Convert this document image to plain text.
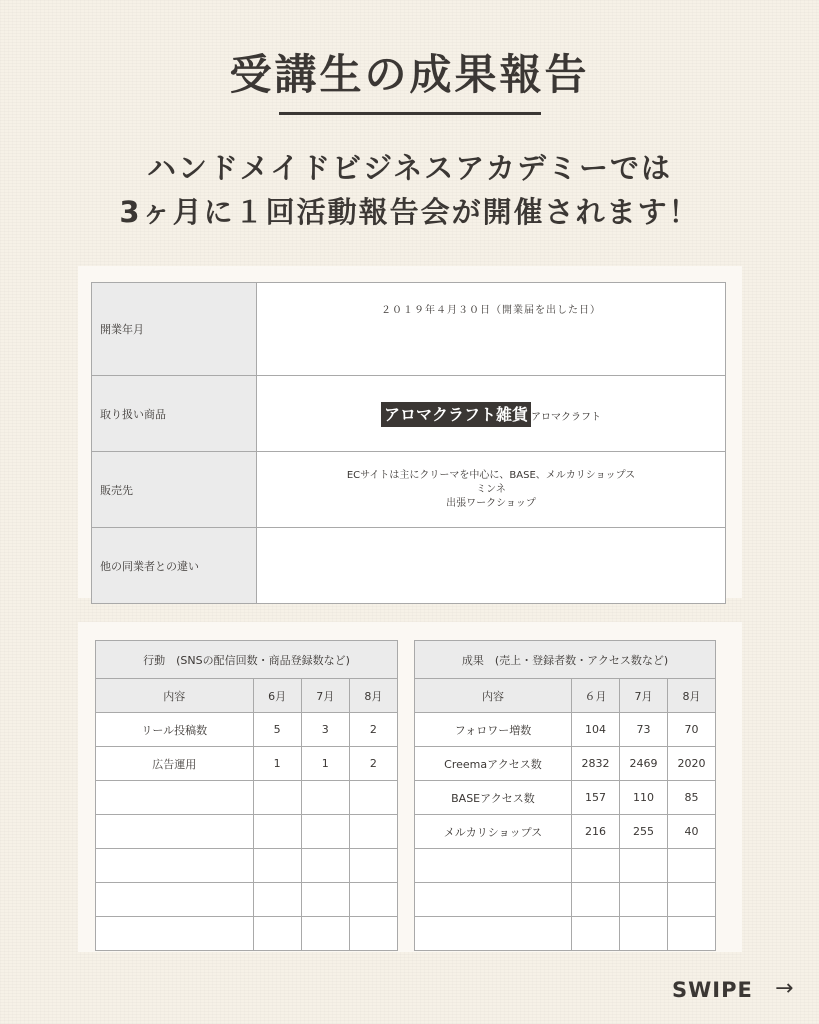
受講生の成果報告
ハンドメイドビジネスアカデミーでは
3ヶ月に１回活動報告会が開催されます！
開業年月	２０１９年４月３０日（開業届を出した日）
取り扱い商品	アロマクラフト雑貨 アロマクラフト
販売先	ECサイトは主にクリーマを中心に、BASE、メルカリショップス
ミンネ
出張ワークショップ

他の同業者との違い	
行動　(SNSの配信回数・商品登録数など)			
内容	6月	7月	8月
リール投稿数	5	3	2
広告運用	1	1	2

成果　(売上・登録者数・アクセス数など)			
内容	６月	7月	8月
フォロワー増数	104	73	70
Creemaアクセス数	2832	2469	2020
BASEアクセス数	157	110	85
メルカリショップス	216	255	40

SWIPE →
